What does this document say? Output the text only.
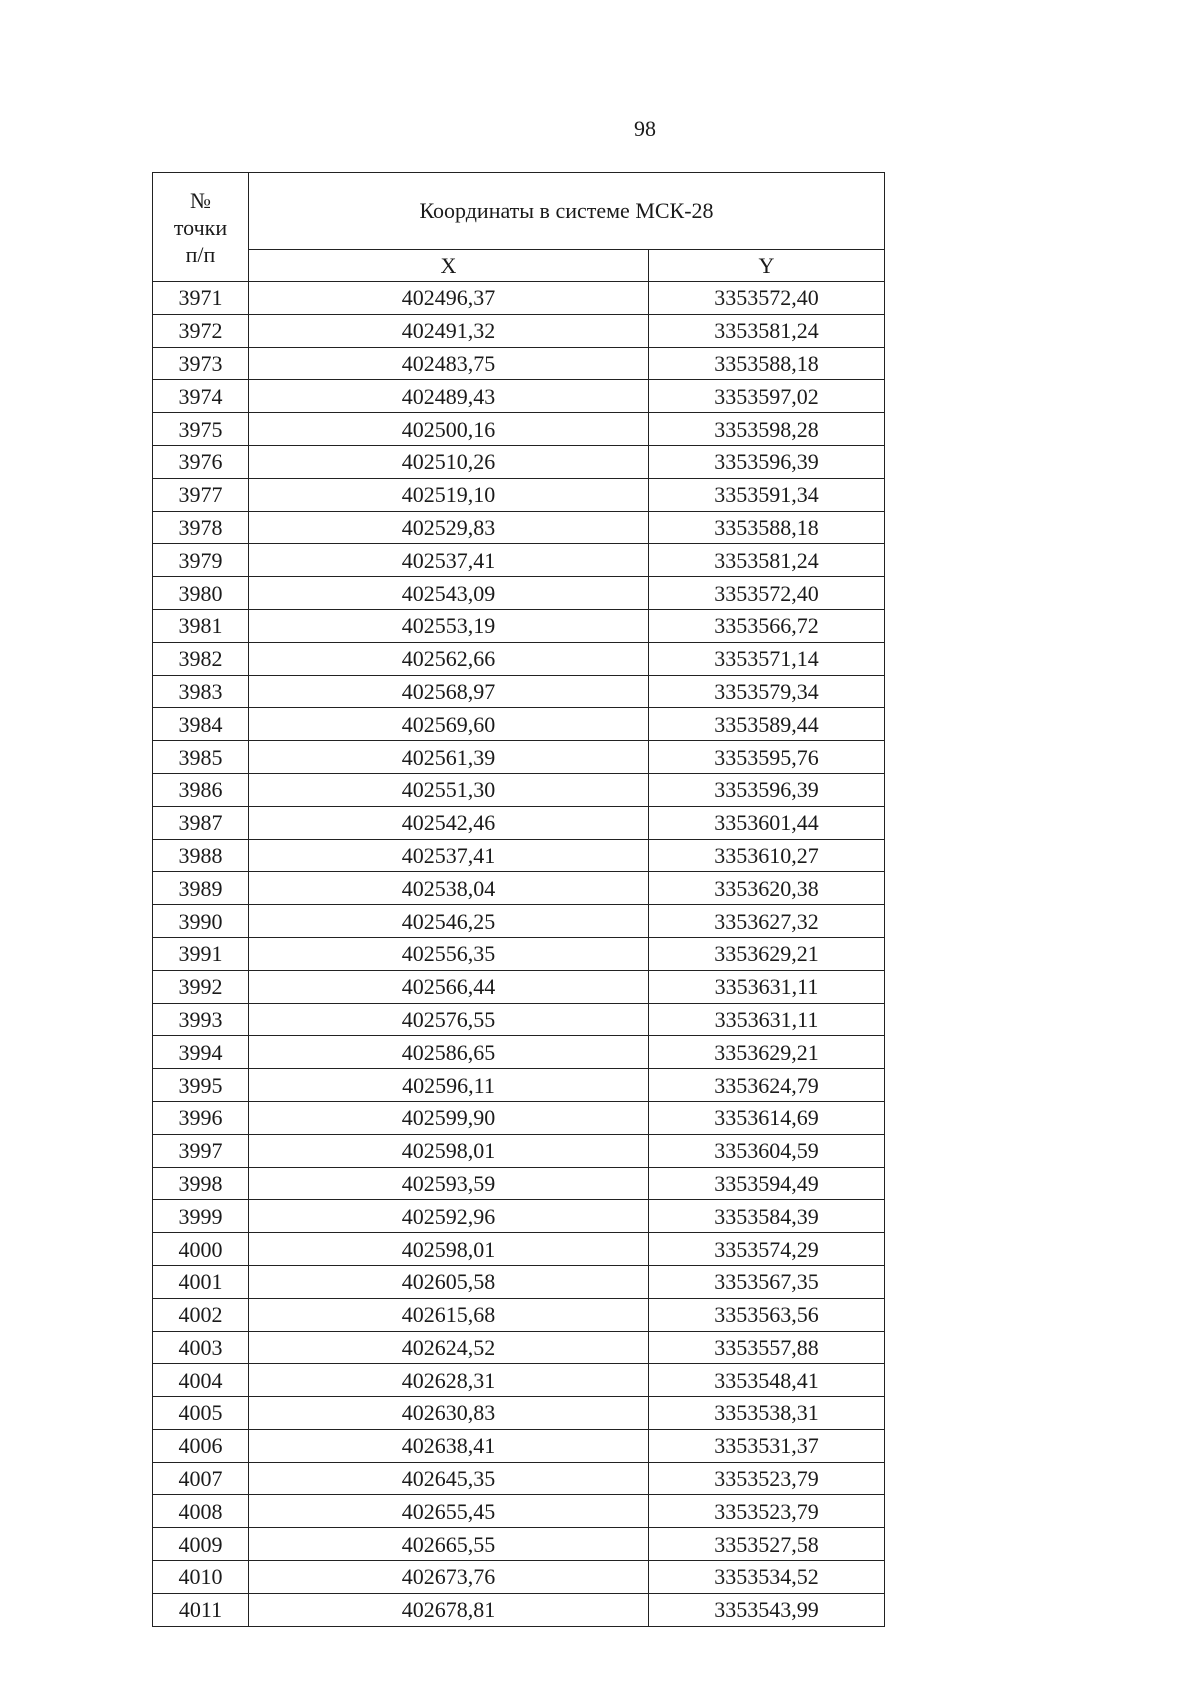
98
№
точки
п/п	Координаты в системе МСК-28	
	X	Y
3971	402496,37	3353572,40
3972	402491,32	3353581,24
3973	402483,75	3353588,18
3974	402489,43	3353597,02
3975	402500,16	3353598,28
3976	402510,26	3353596,39
3977	402519,10	3353591,34
3978	402529,83	3353588,18
3979	402537,41	3353581,24
3980	402543,09	3353572,40
3981	402553,19	3353566,72
3982	402562,66	3353571,14
3983	402568,97	3353579,34
3984	402569,60	3353589,44
3985	402561,39	3353595,76
3986	402551,30	3353596,39
3987	402542,46	3353601,44
3988	402537,41	3353610,27
3989	402538,04	3353620,38
3990	402546,25	3353627,32
3991	402556,35	3353629,21
3992	402566,44	3353631,11
3993	402576,55	3353631,11
3994	402586,65	3353629,21
3995	402596,11	3353624,79
3996	402599,90	3353614,69
3997	402598,01	3353604,59
3998	402593,59	3353594,49
3999	402592,96	3353584,39
4000	402598,01	3353574,29
4001	402605,58	3353567,35
4002	402615,68	3353563,56
4003	402624,52	3353557,88
4004	402628,31	3353548,41
4005	402630,83	3353538,31
4006	402638,41	3353531,37
4007	402645,35	3353523,79
4008	402655,45	3353523,79
4009	402665,55	3353527,58
4010	402673,76	3353534,52
4011	402678,81	3353543,99
